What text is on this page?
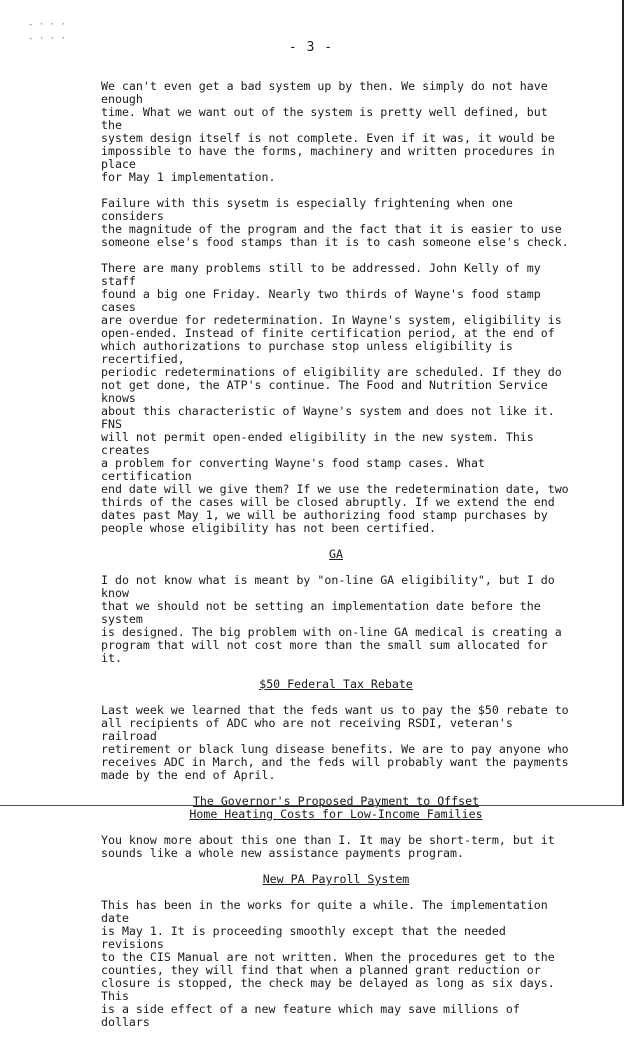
- · · ·
- · · ·
- 3 -

We can't even get a bad system up by then. We simply do not have enough
time. What we want out of the system is pretty well defined, but the
system design itself is not complete. Even if it was, it would be
impossible to have the forms, machinery and written procedures in place
for May 1 implementation.

Failure with this sysetm is especially frightening when one considers
the magnitude of the program and the fact that it is easier to use
someone else's food stamps than it is to cash someone else's check.

There are many problems still to be addressed. John Kelly of my staff
found a big one Friday. Nearly two thirds of Wayne's food stamp cases
are overdue for redetermination. In Wayne's system, eligibility is
open-ended. Instead of finite certification period, at the end of
which authorizations to purchase stop unless eligibility is recertified,
periodic redeterminations of eligibility are scheduled. If they do
not get done, the ATP's continue. The Food and Nutrition Service knows
about this characteristic of Wayne's system and does not like it. FNS
will not permit open-ended eligibility in the new system. This creates
a problem for converting Wayne's food stamp cases. What certification
end date will we give them? If we use the redetermination date, two
thirds of the cases will be closed abruptly. If we extend the end
dates past May 1, we will be authorizing food stamp purchases by
people whose eligibility has not been certified.

GA

I do not know what is meant by "on-line GA eligibility", but I do know
that we should not be setting an implementation date before the system
is designed. The big problem with on-line GA medical is creating a
program that will not cost more than the small sum allocated for it.

$50 Federal Tax Rebate

Last week we learned that the feds want us to pay the $50 rebate to
all recipients of ADC who are not receiving RSDI, veteran's railroad
retirement or black lung disease benefits. We are to pay anyone who
receives ADC in March, and the feds will probably want the payments
made by the end of April.

The Governor's Proposed Payment to Offset
Home Heating Costs for Low-Income Families

You know more about this one than I. It may be short-term, but it
sounds like a whole new assistance payments program.

New PA Payroll System

This has been in the works for quite a while. The implementation date
is May 1. It is proceeding smoothly except that the needed revisions
to the CIS Manual are not written. When the procedures get to the
counties, they will find that when a planned grant reduction or
closure is stopped, the check may be delayed as long as six days. This
is a side effect of a new feature which may save millions of dollars
